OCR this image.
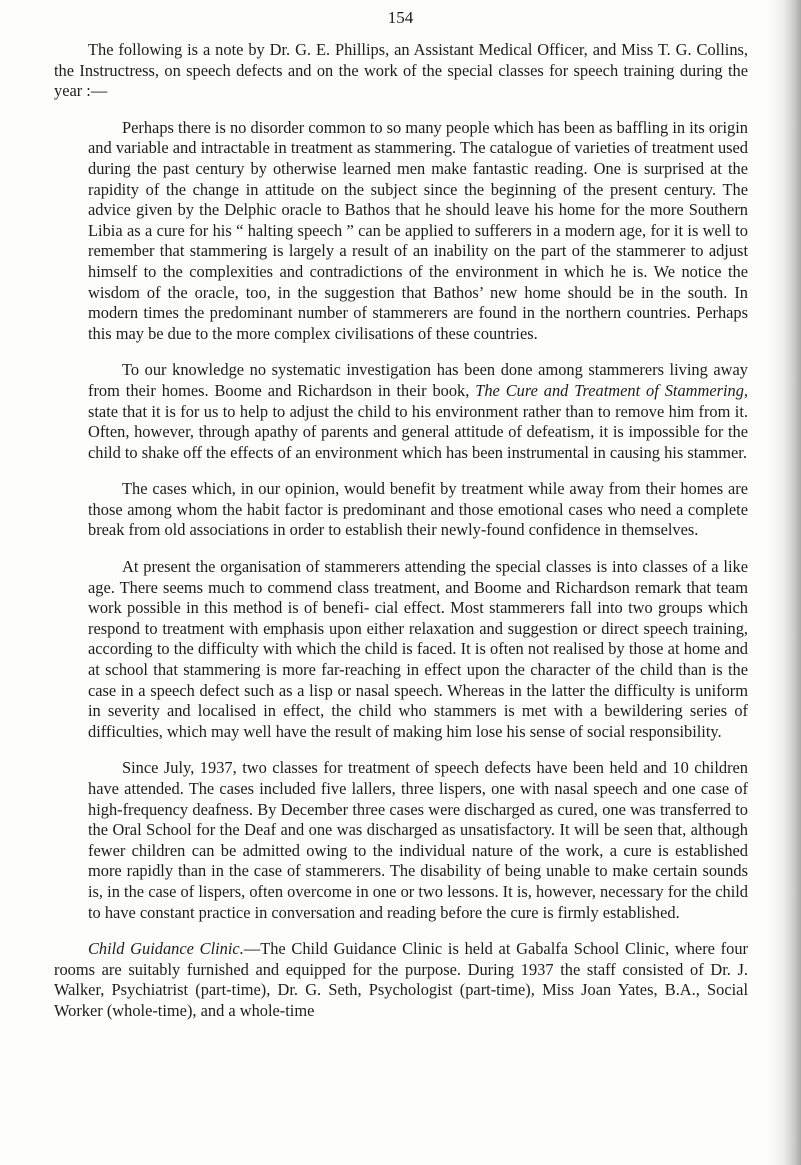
154

The following is a note by Dr. G. E. Phillips, an Assistant Medical Officer, and Miss T. G. Collins, the Instructress, on speech defects and on the work of the special classes for speech training during the year :—

Perhaps there is no disorder common to so many people which has been as baffling in its origin and variable and intractable in treatment as stammering. The catalogue of varieties of treatment used during the past century by otherwise learned men make fantastic reading. One is surprised at the rapidity of the change in attitude on the subject since the beginning of the present century. The advice given by the Delphic oracle to Bathos that he should leave his home for the more Southern Libia as a cure for his “ halting speech ” can be applied to sufferers in a modern age, for it is well to remember that stammering is largely a result of an inability on the part of the stammerer to adjust himself to the complexities and contradictions of the environment in which he is. We notice the wisdom of the oracle, too, in the suggestion that Bathos’ new home should be in the south. In modern times the predominant number of stammerers are found in the northern countries. Perhaps this may be due to the more complex civilisations of these countries.

To our knowledge no systematic investigation has been done among stammerers living away from their homes. Boome and Richardson in their book, The Cure and Treatment of Stammering, state that it is for us to help to adjust the child to his environment rather than to remove him from it. Often, however, through apathy of parents and general attitude of defeatism, it is impossible for the child to shake off the effects of an environment which has been instrumental in causing his stammer.

The cases which, in our opinion, would benefit by treatment while away from their homes are those among whom the habit factor is predominant and those emotional cases who need a complete break from old associations in order to establish their newly-found confidence in themselves.

At present the organisation of stammerers attending the special classes is into classes of a like age. There seems much to commend class treatment, and Boome and Richardson remark that team work possible in this method is of benefi- cial effect. Most stammerers fall into two groups which respond to treatment with emphasis upon either relaxation and suggestion or direct speech training, according to the difficulty with which the child is faced. It is often not realised by those at home and at school that stammering is more far-reaching in effect upon the character of the child than is the case in a speech defect such as a lisp or nasal speech. Whereas in the latter the difficulty is uniform in severity and localised in effect, the child who stammers is met with a bewildering series of difficulties, which may well have the result of making him lose his sense of social responsibility.

Since July, 1937, two classes for treatment of speech defects have been held and 10 children have attended. The cases included five lallers, three lispers, one with nasal speech and one case of high-frequency deafness. By December three cases were discharged as cured, one was transferred to the Oral School for the Deaf and one was discharged as unsatisfactory. It will be seen that, although fewer children can be admitted owing to the individual nature of the work, a cure is established more rapidly than in the case of stammerers. The disability of being unable to make certain sounds is, in the case of lispers, often overcome in one or two lessons. It is, however, necessary for the child to have constant practice in conversation and reading before the cure is firmly established.

Child Guidance Clinic.—The Child Guidance Clinic is held at Gabalfa School Clinic, where four rooms are suitably furnished and equipped for the purpose. During 1937 the staff consisted of Dr. J. Walker, Psychiatrist (part-time), Dr. G. Seth, Psychologist (part-time), Miss Joan Yates, B.A., Social Worker (whole-time), and a whole-time
